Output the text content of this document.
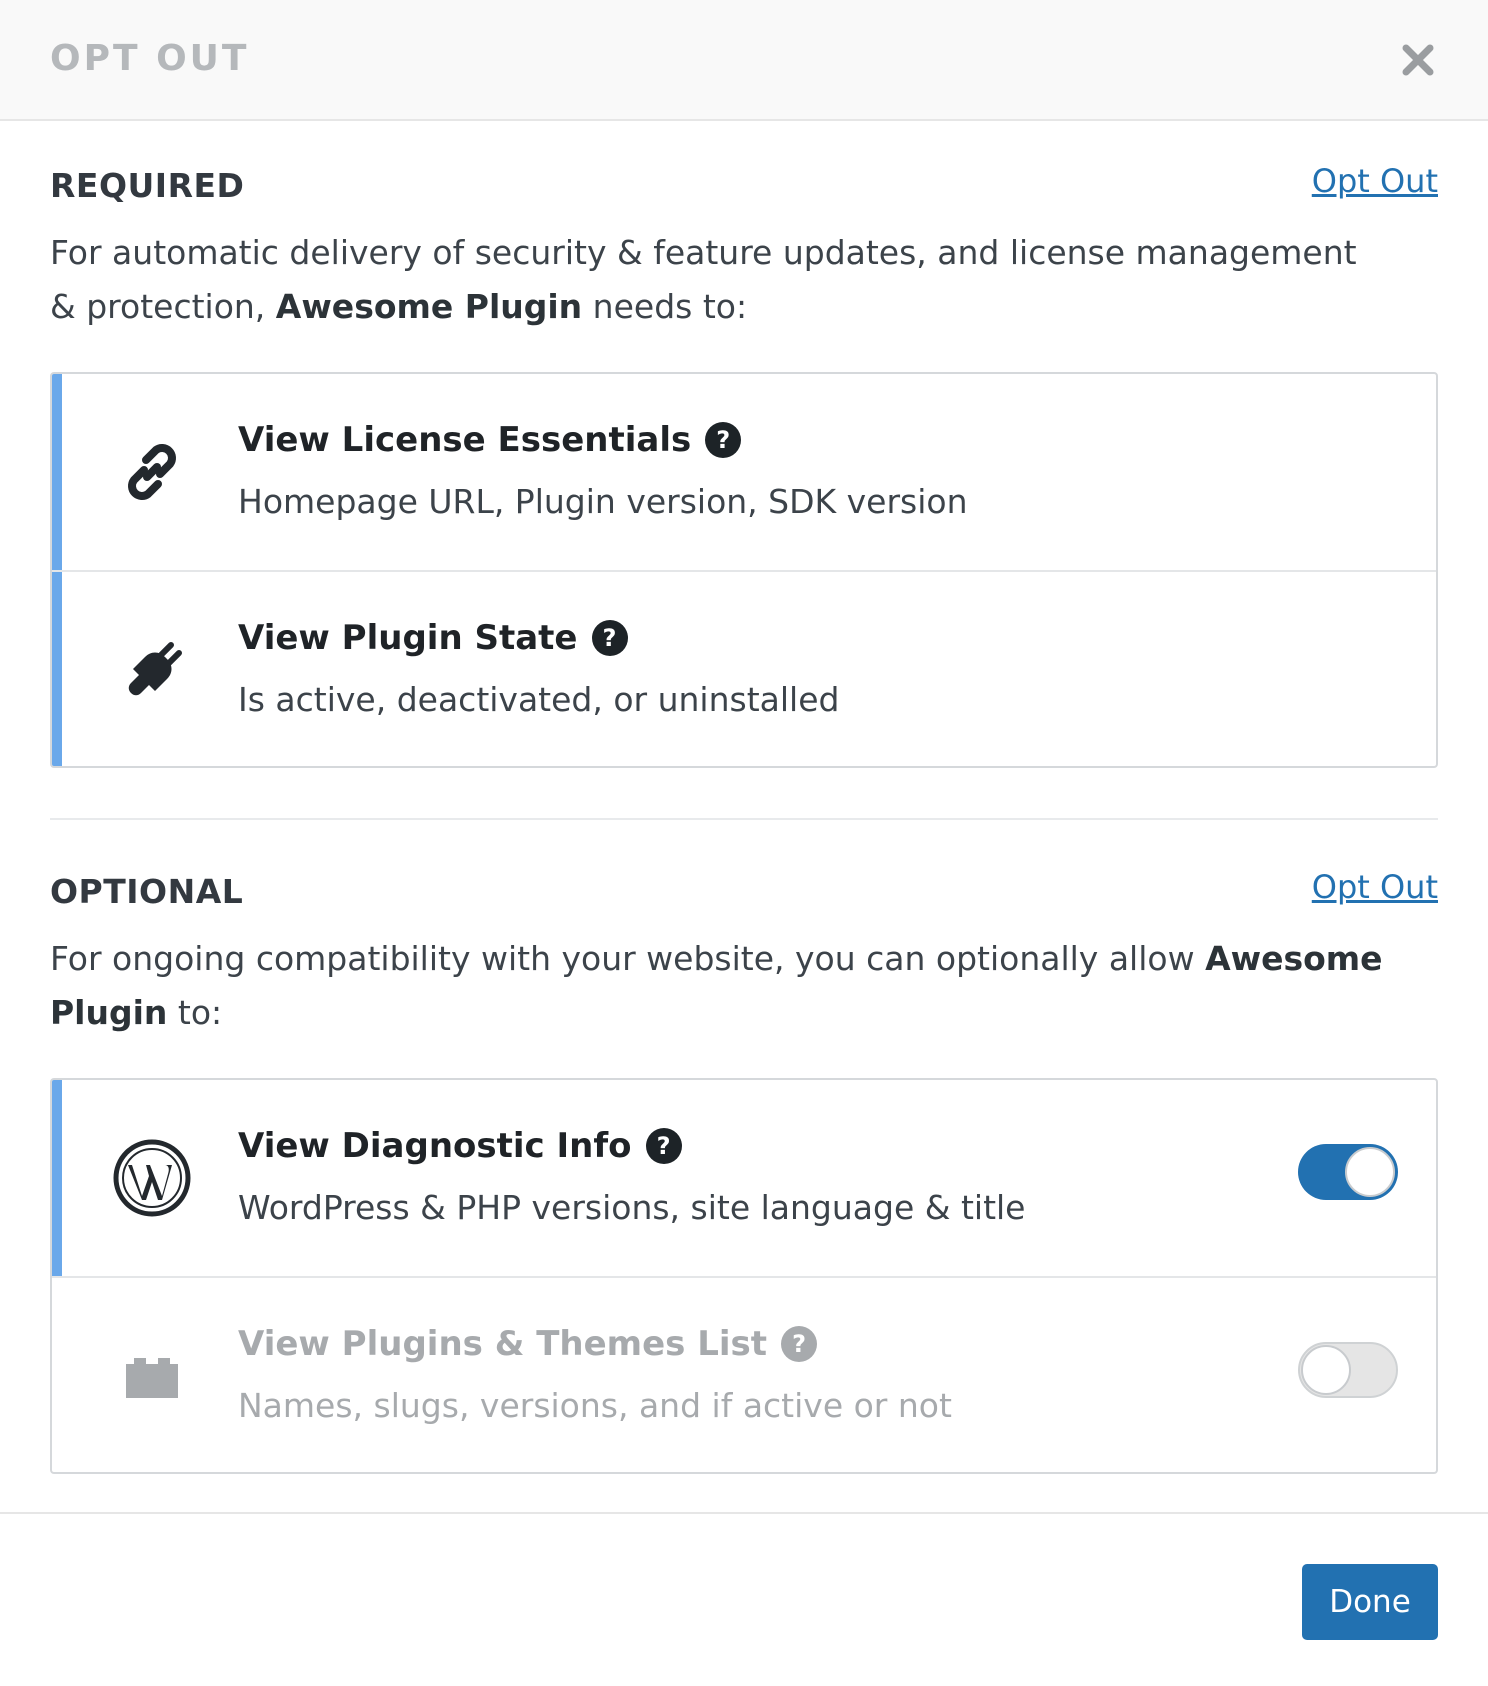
OPT OUT
REQUIRED	Opt Out
For automatic delivery of security & feature updates, and license management & protection, Awesome Plugin needs to:
View License Essentials	?
Homepage URL, Plugin version, SDK version
View Plugin State	?
Is active, deactivated, or uninstalled
OPTIONAL	Opt Out
For ongoing compatibility with your website, you can optionally allow Awesome Plugin to:
View Diagnostic Info	?
WordPress & PHP versions, site language & title
View Plugins & Themes List	?
Names, slugs, versions, and if active or not
Done
